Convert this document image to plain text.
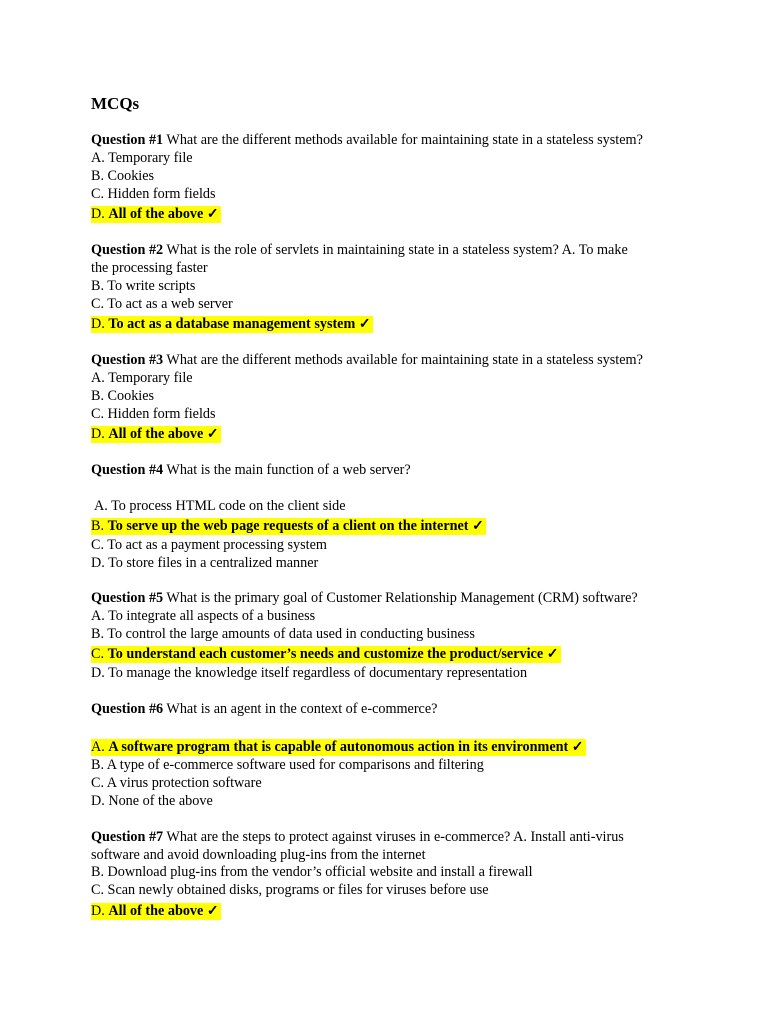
MCQs
Question #1 What are the different methods available for maintaining state in a stateless system?
A. Temporary file
B. Cookies
C. Hidden form fields
D. All of the above ✓
Question #2 What is the role of servlets in maintaining state in a stateless system? A. To make
the processing faster
B. To write scripts
C. To act as a web server
D. To act as a database management system ✓
Question #3 What are the different methods available for maintaining state in a stateless system?
A. Temporary file
B. Cookies
C. Hidden form fields
D. All of the above ✓
Question #4 What is the main function of a web server?
A. To process HTML code on the client side
B. To serve up the web page requests of a client on the internet ✓
C. To act as a payment processing system
D. To store files in a centralized manner
Question #5 What is the primary goal of Customer Relationship Management (CRM) software?
A. To integrate all aspects of a business
B. To control the large amounts of data used in conducting business
C. To understand each customer’s needs and customize the product/service ✓
D. To manage the knowledge itself regardless of documentary representation
Question #6 What is an agent in the context of e-commerce?
A. A software program that is capable of autonomous action in its environment ✓
B. A type of e-commerce software used for comparisons and filtering
C. A virus protection software
D. None of the above
Question #7 What are the steps to protect against viruses in e-commerce? A. Install anti-virus
software and avoid downloading plug-ins from the internet
B. Download plug-ins from the vendor’s official website and install a firewall
C. Scan newly obtained disks, programs or files for viruses before use
D. All of the above ✓
